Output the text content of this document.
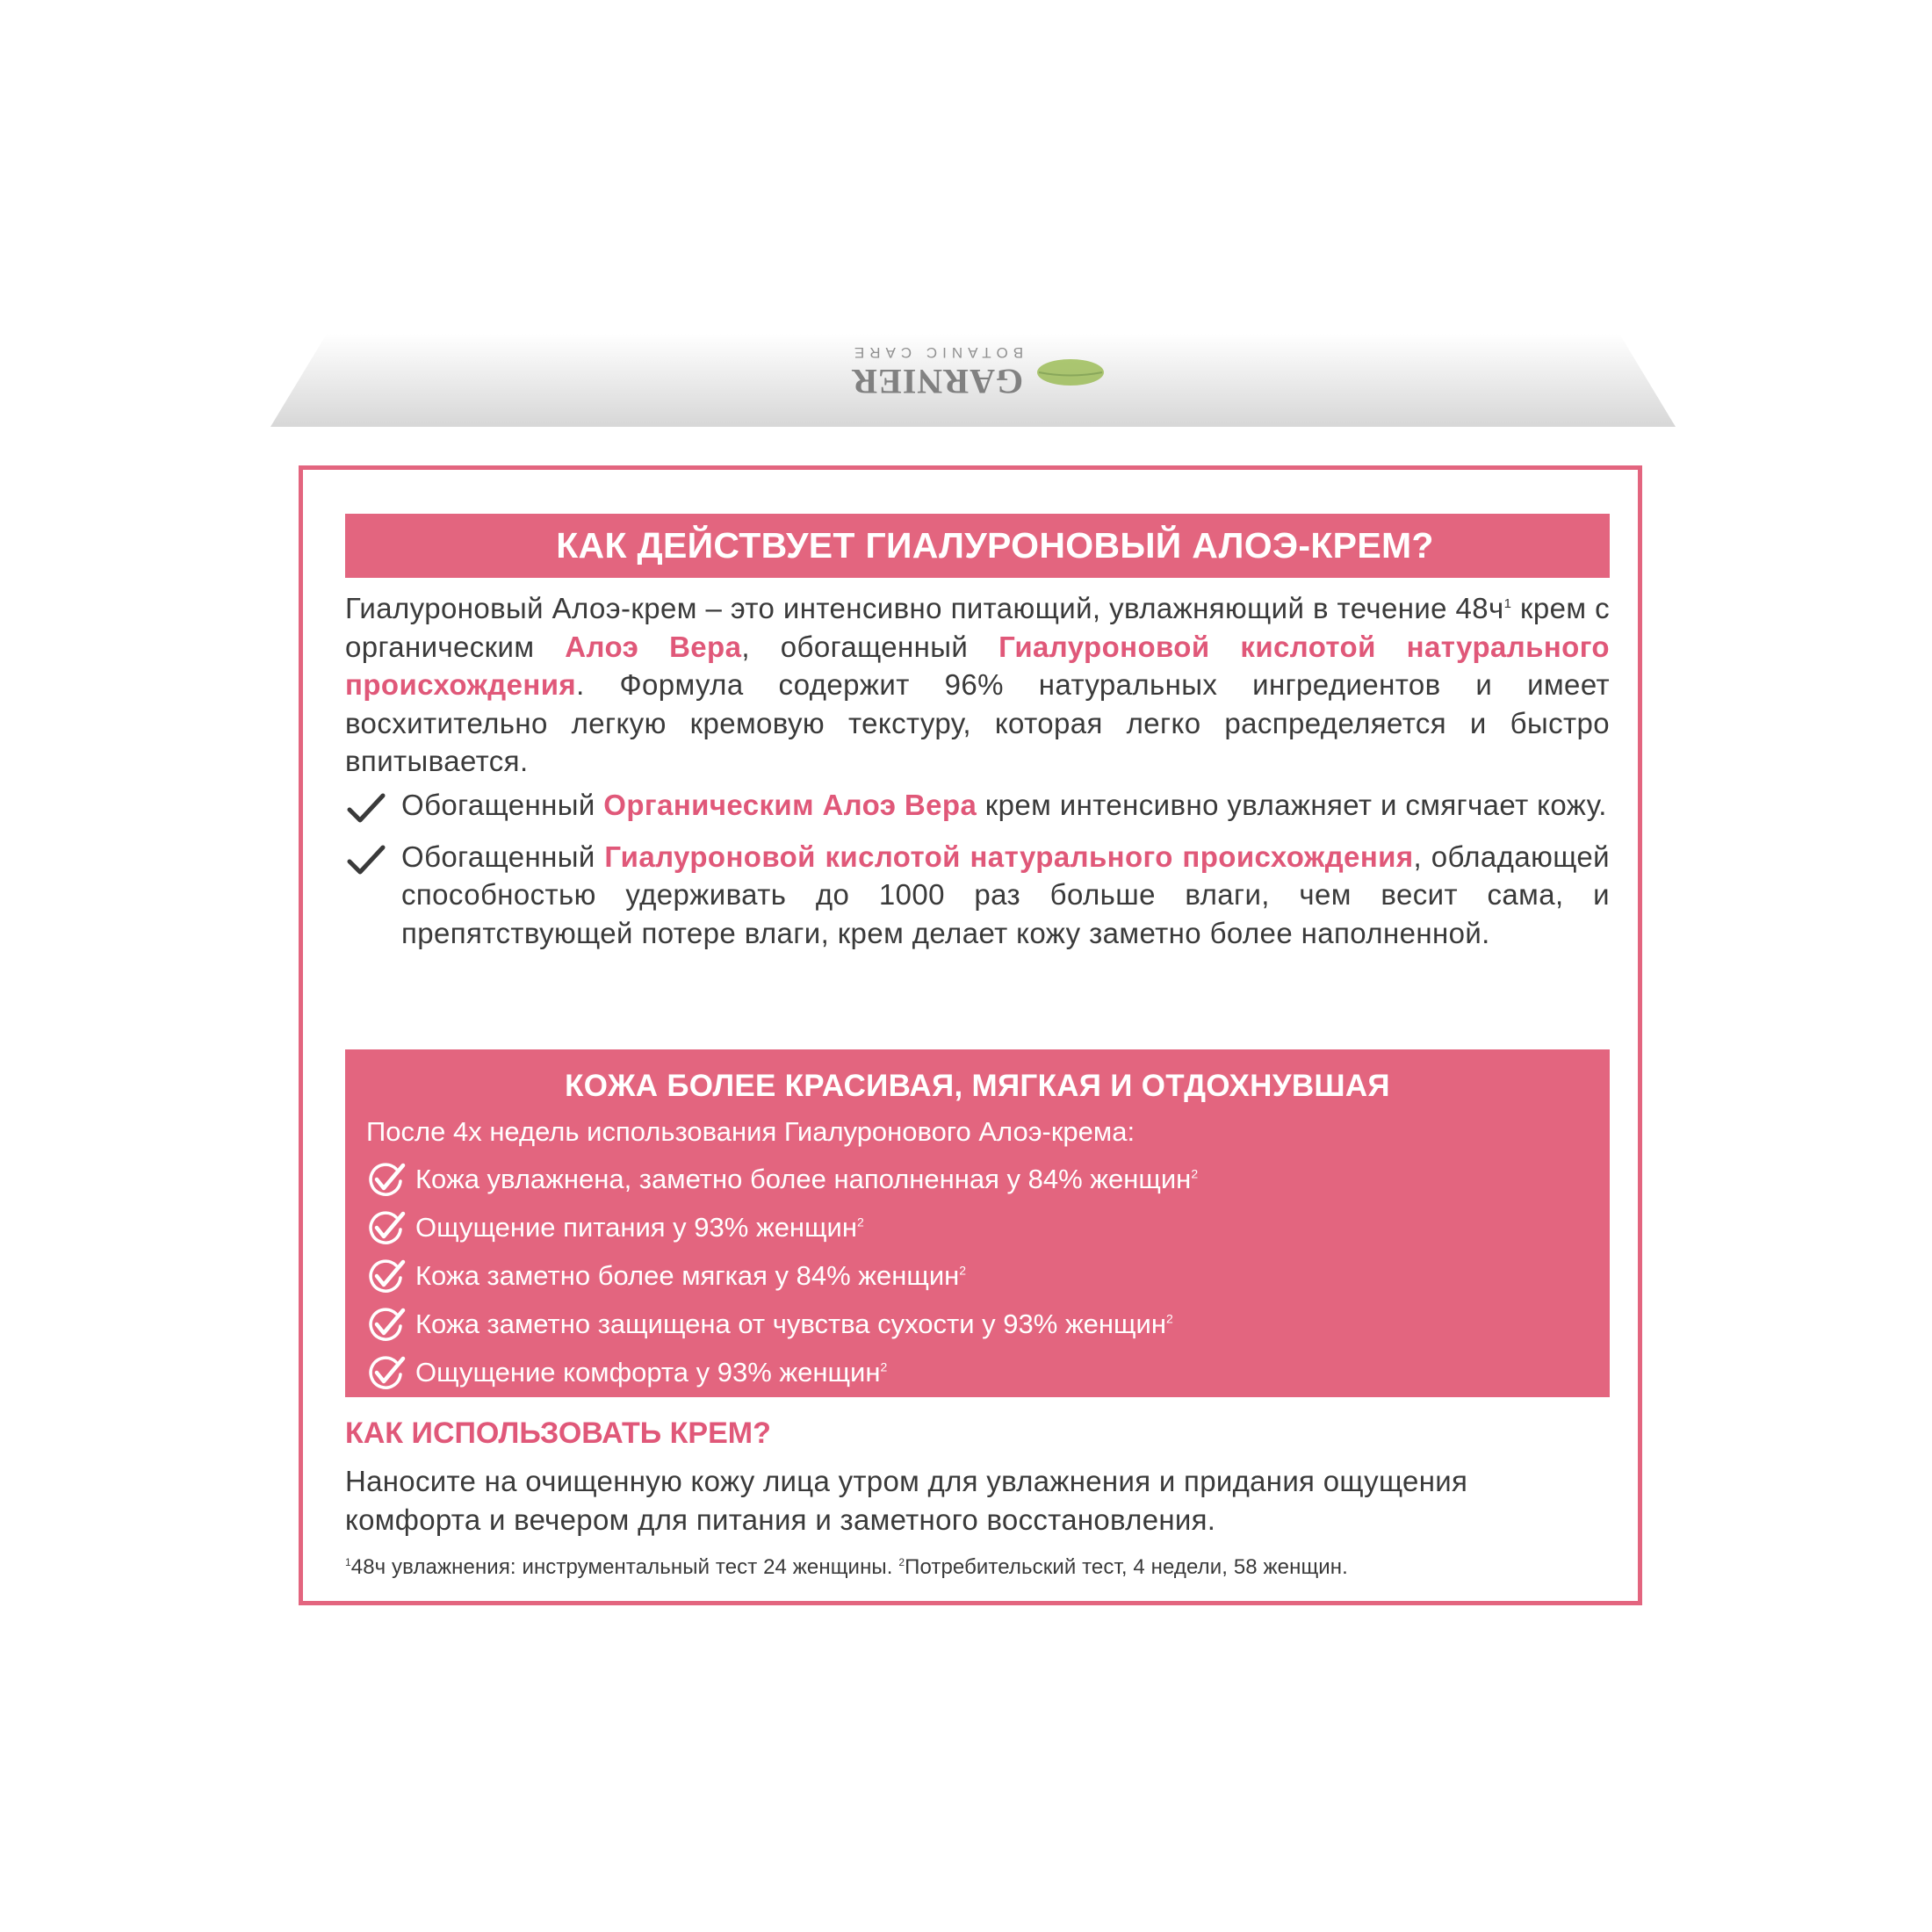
GARNIER
BOTANIC CARE
КАК ДЕЙСТВУЕТ ГИАЛУРОНОВЫЙ АЛОЭ-КРЕМ?

Гиалуроновый Алоэ-крем – это интенсивно питающий, увлажняющий в течение $48ч^1$ крем с органическим Алоэ Вера, обогащенный Гиалуроновой кислотой натурального происхождения. Формула содержит 96% натуральных ингредиентов и имеет восхитительно легкую кремовую текстуру, которая легко распределяется и быстро впитывается.

Обогащенный Органическим Алоэ Вера крем интенсивно увлажняет и смягчает кожу.
Обогащенный Гиалуроновой кислотой натурального происхождения, обладающей способностью удерживать до 1000 раз больше влаги, чем весит сама, и препятствующей потере влаги, крем делает кожу заметно более наполненной.
КОЖА БОЛЕЕ КРАСИВАЯ, МЯГКАЯ И ОТДОХНУВШАЯ
После 4х недель использования Гиалуронового Алоэ-крема:
Кожа увлажнена, заметно более наполненная у 84% женщин$^2$
Ощущение питания у 93% женщин$^2$
Кожа заметно более мягкая у 84% женщин$^2$
Кожа заметно защищена от чувства сухости у 93% женщин$^2$
Ощущение комфорта у 93% женщин$^2$
КАК ИСПОЛЬЗОВАТЬ КРЕМ?

Наносите на очищенную кожу лица утром для увлажнения и придания ощущения комфорта и вечером для питания и заметного восстановления.

$^1$48ч увлажнения: инструментальный тест 24 женщины. $^2$Потребительский тест, 4 недели, 58 женщин.
